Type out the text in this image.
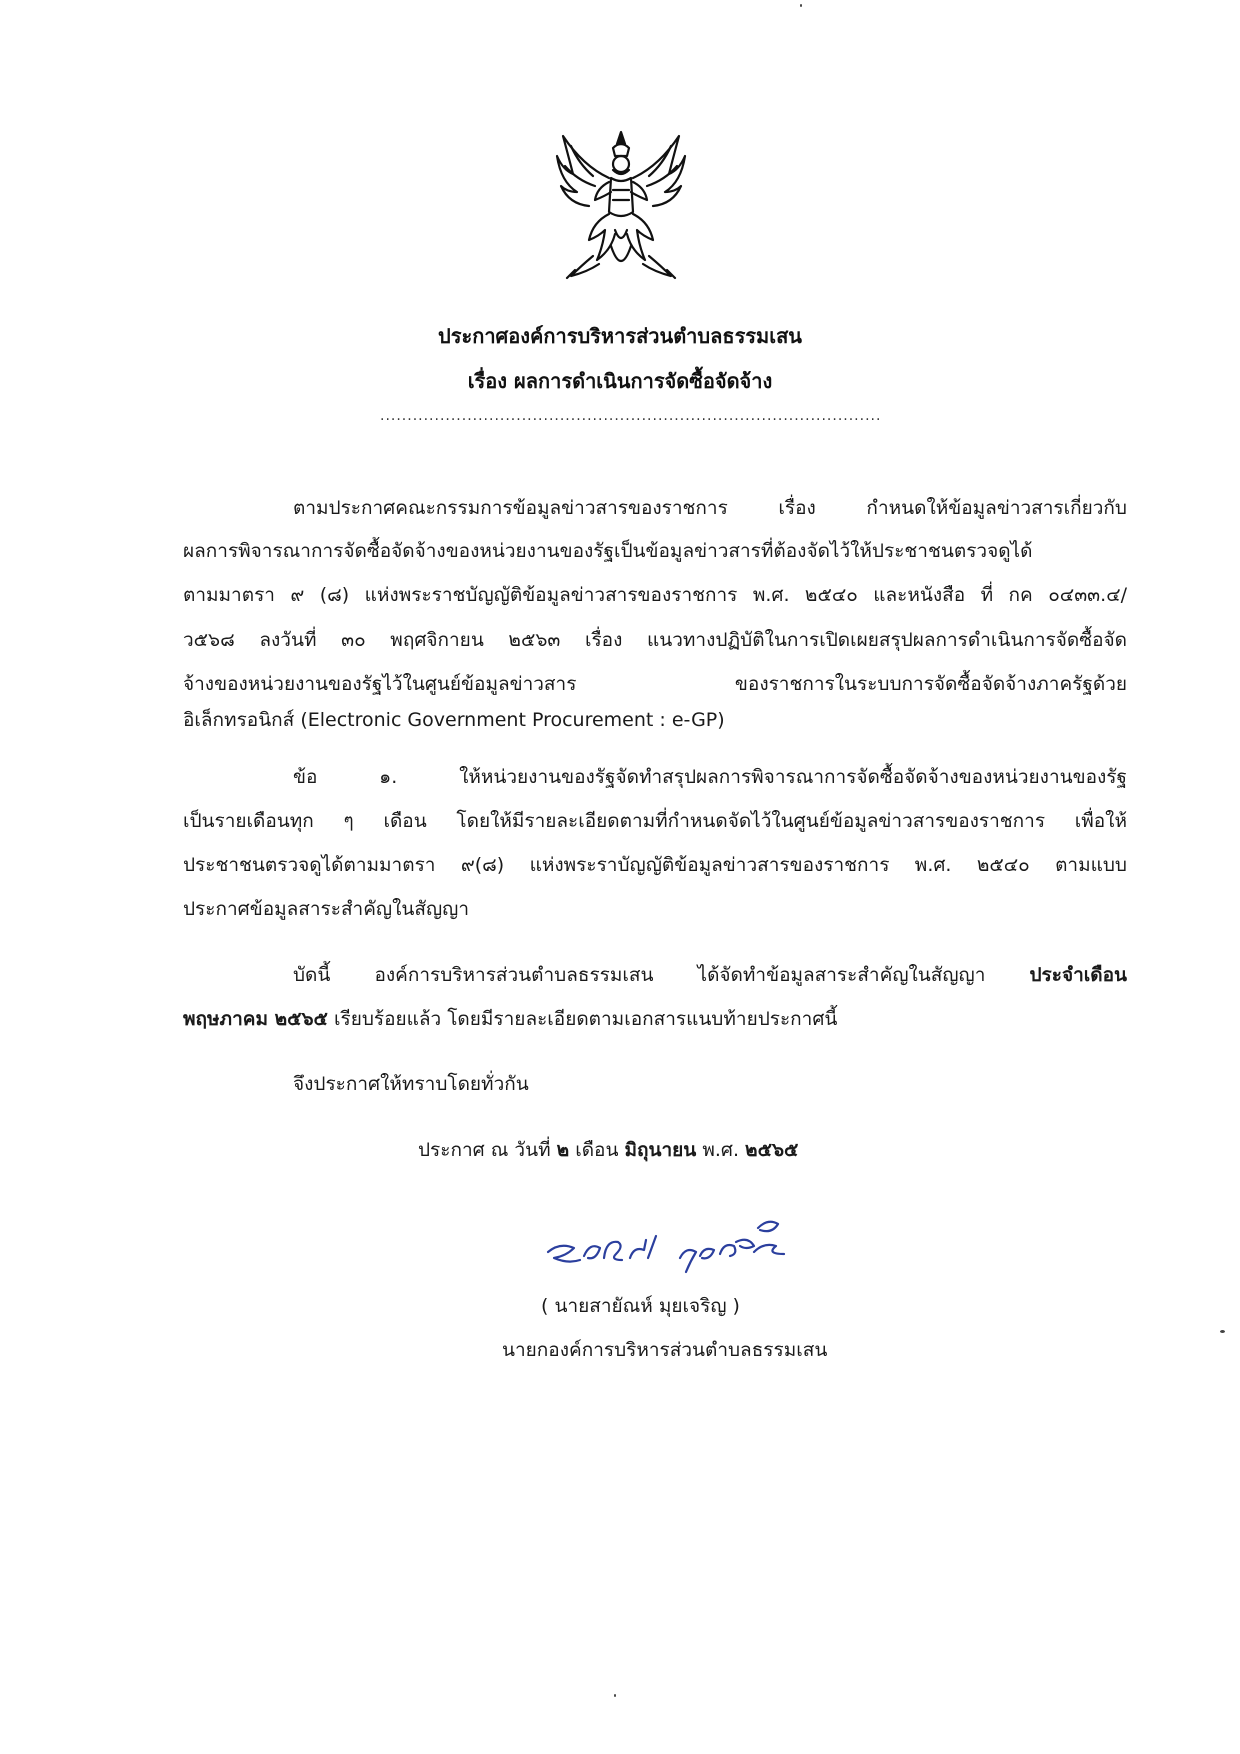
ประกาศองค์การบริหารส่วนตำบลธรรมเสน
เรื่อง ผลการดำเนินการจัดซื้อจัดจ้าง
............................................................................................
ตามประกาศคณะกรรมการข้อมูลข่าวสารของราชการ เรื่อง กำหนดให้ข้อมูลข่าวสารเกี่ยวกับ
ผลการพิจารณาการจัดซื้อจัดจ้างของหน่วยงานของรัฐเป็นข้อมูลข่าวสารที่ต้องจัดไว้ให้ประชาชนตรวจดูได้
ตามมาตรา ๙ (๘) แห่งพระราชบัญญัติข้อมูลข่าวสารของราชการ พ.ศ. ๒๕๔๐ และหนังสือ ที่ กค ๐๔๓๓.๔/
ว๕๖๘ ลงวันที่ ๓๐ พฤศจิกายน ๒๕๖๓ เรื่อง แนวทางปฏิบัติในการเปิดเผยสรุปผลการดำเนินการจัดซื้อจัด
จ้างของหน่วยงานของรัฐไว้ในศูนย์ข้อมูลข่าวสาร ของราชการในระบบการจัดซื้อจัดจ้างภาครัฐด้วย
อิเล็กทรอนิกส์ (Electronic Government Procurement : e-GP)
ข้อ ๑. ให้หน่วยงานของรัฐจัดทำสรุปผลการพิจารณาการจัดซื้อจัดจ้างของหน่วยงานของรัฐ
เป็นรายเดือนทุก ๆ เดือน โดยให้มีรายละเอียดตามที่กำหนดจัดไว้ในศูนย์ข้อมูลข่าวสารของราชการ เพื่อให้
ประชาชนตรวจดูได้ตามมาตรา ๙(๘) แห่งพระราบัญญัติข้อมูลข่าวสารของราชการ พ.ศ. ๒๕๔๐ ตามแบบ
ประกาศข้อมูลสาระสำคัญในสัญญา
บัดนี้ องค์การบริหารส่วนตำบลธรรมเสน ได้จัดทำข้อมูลสาระสำคัญในสัญญา ประจำเดือน
พฤษภาคม ๒๕๖๕ เรียบร้อยแล้ว โดยมีรายละเอียดตามเอกสารแนบท้ายประกาศนี้
จึงประกาศให้ทราบโดยทั่วกัน
ประกาศ ณ วันที่ ๒ เดือน มิถุนายน พ.ศ. ๒๕๖๕
( นายสายัณห์ มุยเจริญ )
นายกองค์การบริหารส่วนตำบลธรรมเสน
